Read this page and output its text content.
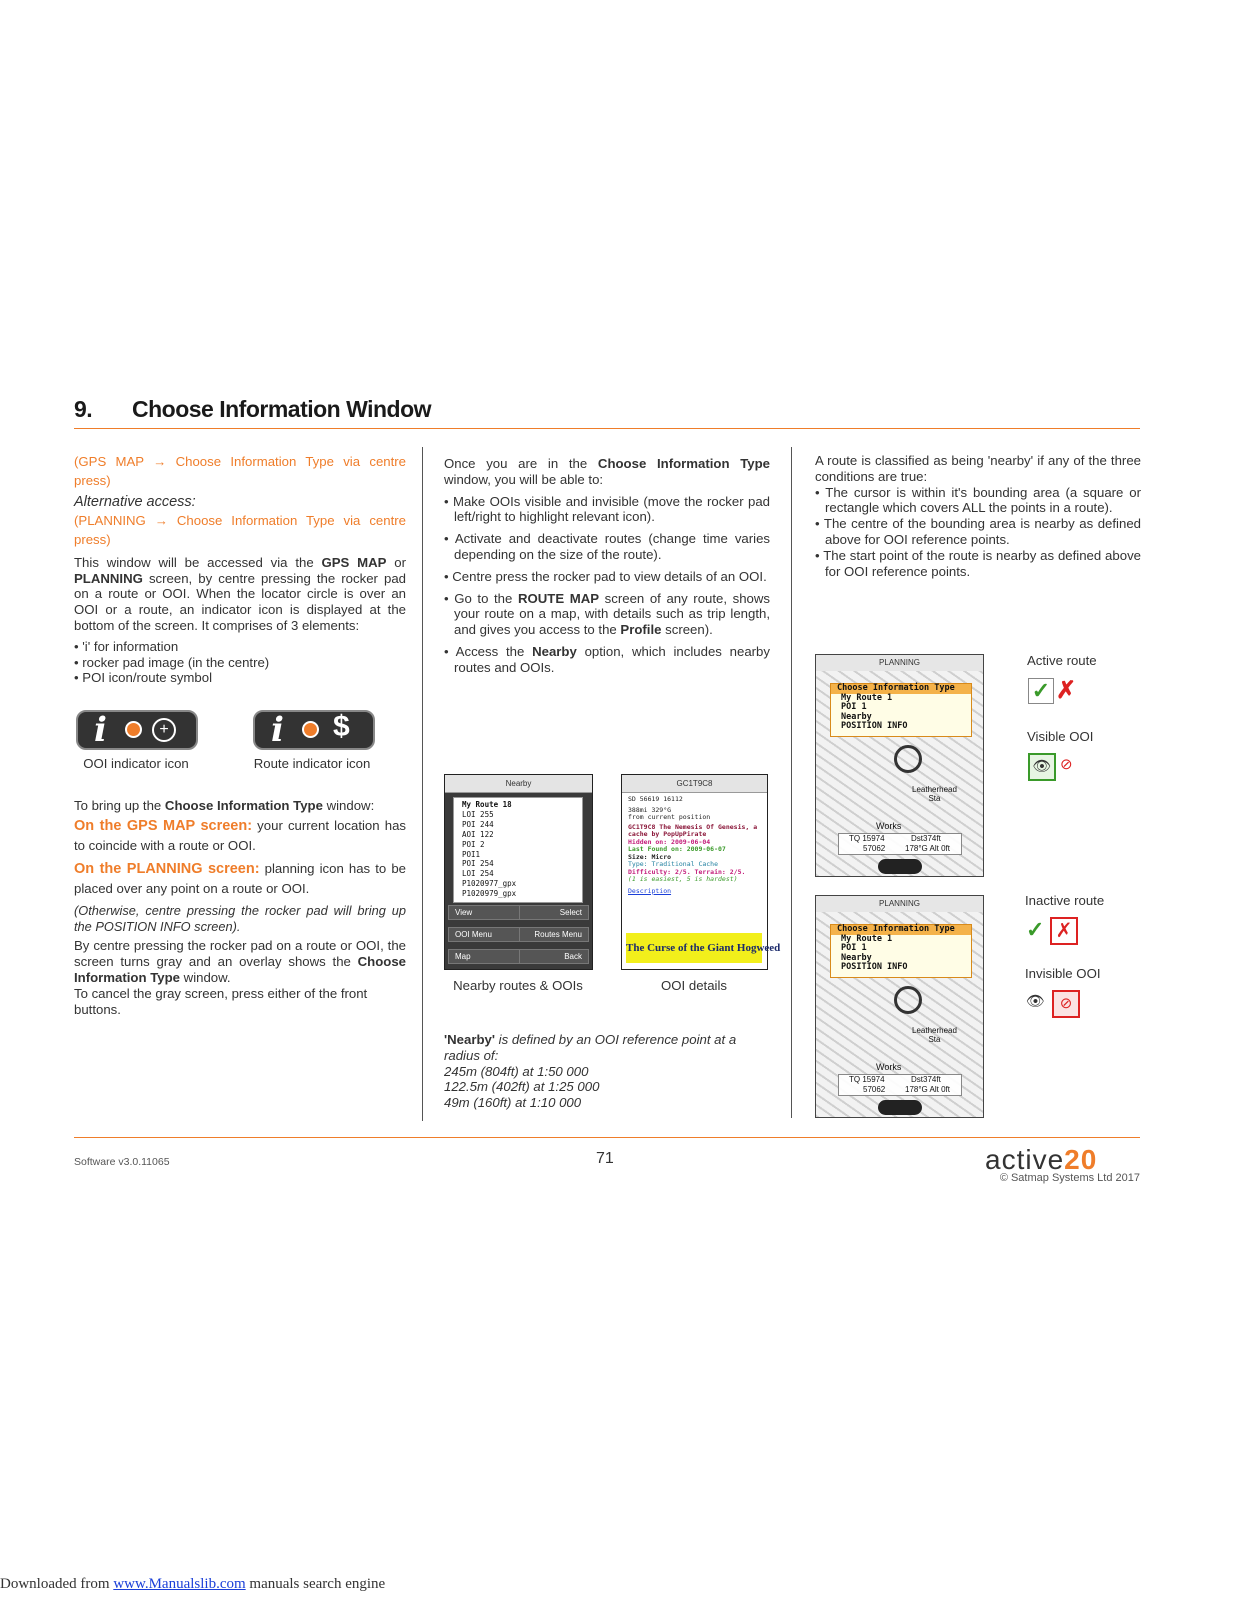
9. Choose Information Window

(GPS MAP → Choose Information Type via centre press)

Alternative access:

(PLANNING → Choose Information Type via centre press)

This window will be accessed via the GPS MAP or PLANNING screen, by centre pressing the rocker pad on a route or OOI. When the locator circle is over an OOI or a route, an indicator icon is displayed at the bottom of the screen. It comprises of 3 elements:

• 'i' for information

• rocker pad image (in the centre)

• POI icon/route symbol

i	+	i $
OOI indicator icon	Route indicator icon

To bring up the Choose Information Type window:

On the GPS MAP screen: your current location has to coincide with a route or OOI.

On the PLANNING screen: planning icon has to be placed over any point on a route or OOI.

(Otherwise, centre pressing the rocker pad will bring up the POSITION INFO screen).

By centre pressing the rocker pad on a route or OOI, the screen turns gray and an overlay shows the Choose Information Type window.

To cancel the gray screen, press either of the front buttons.

Once you are in the Choose Information Type window, you will be able to:

• Make OOIs visible and invisible (move the rocker pad left/right to highlight relevant icon).

• Activate and deactivate routes (change time varies depending on the size of the route).

• Centre press the rocker pad to view details of an OOI.

• Go to the ROUTE MAP screen of any route, shows your route on a map, with details such as trip length, and gives you access to the Profile screen).

• Access the Nearby option, which includes nearby routes and OOIs.

Nearby
My Route 18
LOI 255
POI 244
AOI 122
POI 2
POI1
POI 254
LOI 254
P1020977_gpx
P1020979_gpx
View	Select
OOI Menu	Routes Menu
Map	Back
GC1T9C8
SD 56619 16112
388mi 329°G
from current position
GC1T9C8 The Nemesis Of Genesis, a cache by PopUpPirate
Hidden on: 2009-06-04
Last Found on: 2009-06-07
Size: Micro
Type: Traditional Cache
Difficulty: 2/5. Terrain: 2/5.
(1 is easiest, 5 is hardest)
Description
The Curse of the Giant Hogweed
Nearby routes & OOIs	OOI details

'Nearby' is defined by an OOI reference point at a radius of:

245m (804ft) at 1:50 000

122.5m (402ft) at 1:25 000

49m (160ft) at 1:10 000

A route is classified as being 'nearby' if any of the three conditions are true:

• The cursor is within it's bounding area (a square or rectangle which covers ALL the points in a route).

• The centre of the bounding area is nearby as defined above for OOI reference points.

• The start point of the route is nearby as defined above for OOI reference points.

PLANNING
Choose Information Type
My Route 1
POI 1
Nearby
POSITION INFO
Leatherhead
Sta
Works
TQ 15974	Dst374ft
57062 178°G Alt 0ft
PLANNING
Choose Information Type
My Route 1
POI 1
Nearby
POSITION INFO
Leatherhead
Sta
Works
TQ 15974	Dst374ft
57062 178°G Alt 0ft
Active route
✓ ✗
Visible OOI
👁 ⊘
Inactive route
✓ ✗
Invisible OOI
👁 ⊘
Software v3.0.11065	71	active20
© Satmap Systems Ltd 2017
Downloaded from www.Manualslib.com manuals search engine
